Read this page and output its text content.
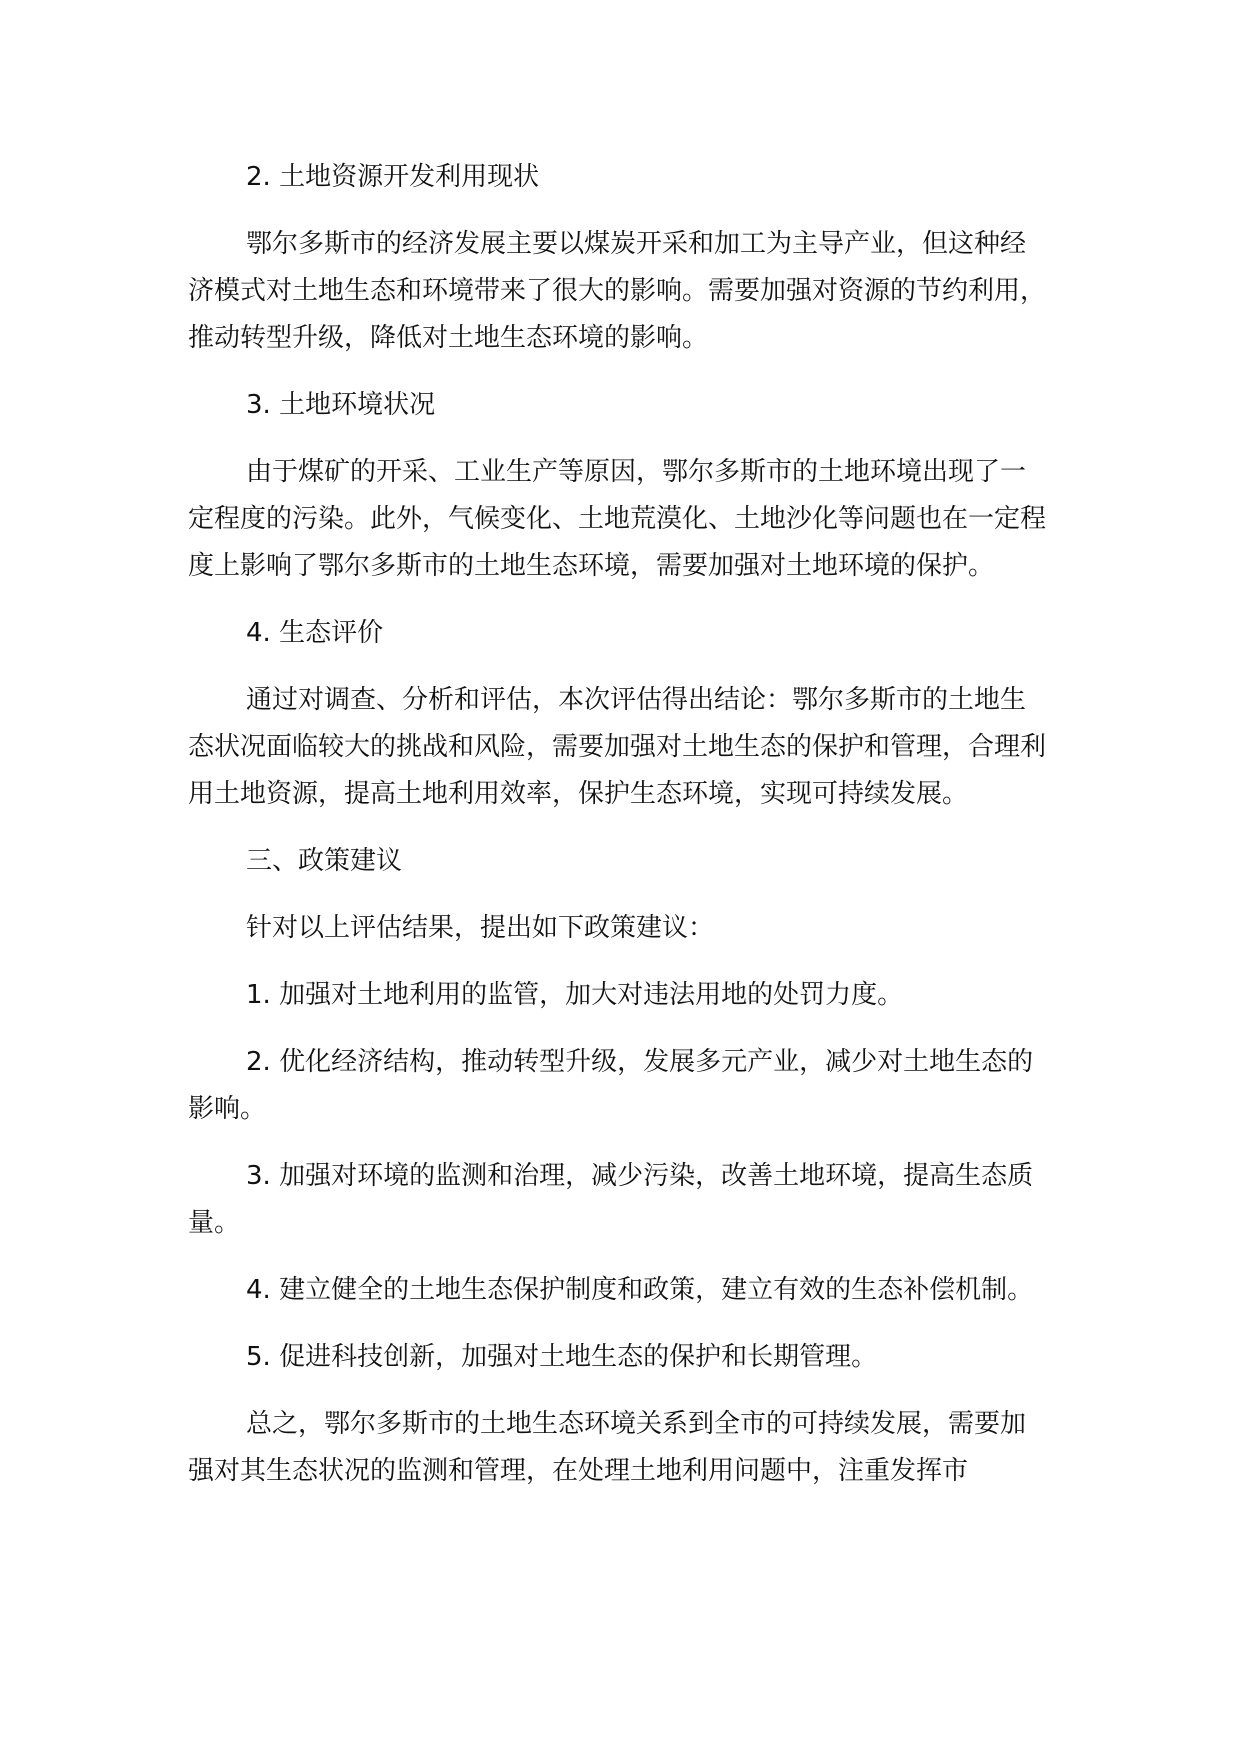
2. 土地资源开发利用现状

鄂尔多斯市的经济发展主要以煤炭开采和加工为主导产业，但这种经济模式对土地生态和环境带来了很大的影响。需要加强对资源的节约利用，推动转型升级，降低对土地生态环境的影响。

3. 土地环境状况

由于煤矿的开采、工业生产等原因，鄂尔多斯市的土地环境出现了一定程度的污染。此外，气候变化、土地荒漠化、土地沙化等问题也在一定程度上影响了鄂尔多斯市的土地生态环境，需要加强对土地环境的保护。

4. 生态评价

通过对调查、分析和评估，本次评估得出结论：鄂尔多斯市的土地生态状况面临较大的挑战和风险，需要加强对土地生态的保护和管理，合理利用土地资源，提高土地利用效率，保护生态环境，实现可持续发展。

三、政策建议

针对以上评估结果，提出如下政策建议：

1. 加强对土地利用的监管，加大对违法用地的处罚力度。

2. 优化经济结构，推动转型升级，发展多元产业，减少对土地生态的影响。

3. 加强对环境的监测和治理，减少污染，改善土地环境，提高生态质量。

4. 建立健全的土地生态保护制度和政策，建立有效的生态补偿机制。

5. 促进科技创新，加强对土地生态的保护和长期管理。

总之，鄂尔多斯市的土地生态环境关系到全市的可持续发展，需要加强对其生态状况的监测和管理，在处理土地利用问题中，注重发挥市
